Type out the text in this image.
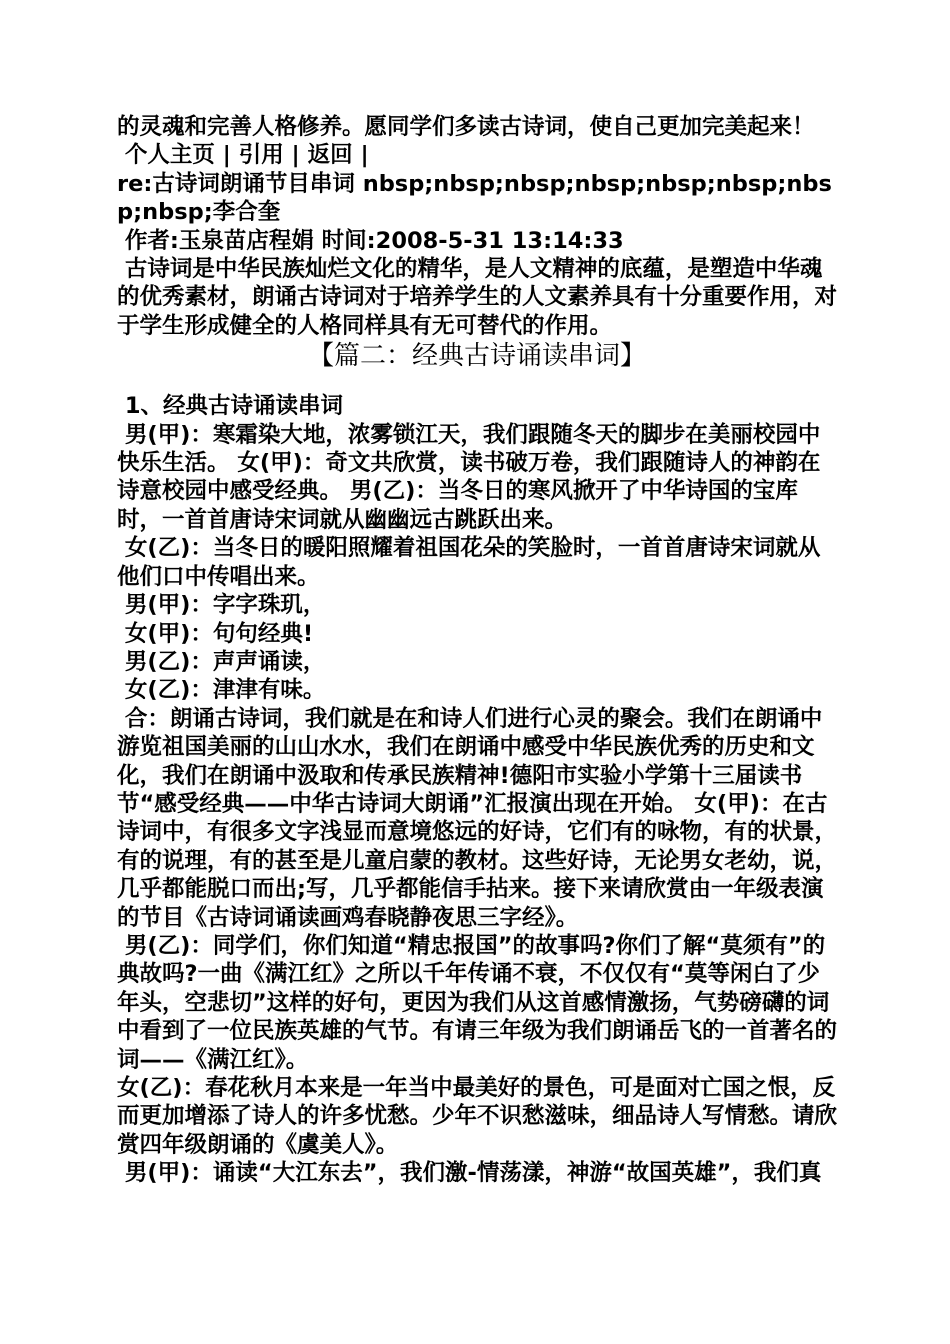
的灵魂和完善人格修养。愿同学们多读古诗词，使自己更加完美起来！

个人主页 | 引用 | 返回 |

re:古诗词朗诵节目串词 nbsp;nbsp;nbsp;nbsp;nbsp;nbsp;nbsp;nbsp;李合奎

作者:玉泉苗店程娟 时间:2008-5-31 13:14:33

古诗词是中华民族灿烂文化的精华，是人文精神的底蕴，是塑造中华魂的优秀素材，朗诵古诗词对于培养学生的人文素养具有十分重要作用，对于学生形成健全的人格同样具有无可替代的作用。

【篇二：经典古诗诵读串词】

1、经典古诗诵读串词

男(甲)：寒霜染大地，浓雾锁江天，我们跟随冬天的脚步在美丽校园中快乐生活。 女(甲)：奇文共欣赏，读书破万卷，我们跟随诗人的神韵在诗意校园中感受经典。 男(乙)：当冬日的寒风掀开了中华诗国的宝库时，一首首唐诗宋词就从幽幽远古跳跃出来。

女(乙)：当冬日的暖阳照耀着祖国花朵的笑脸时，一首首唐诗宋词就从他们口中传唱出来。

男(甲)：字字珠玑，

女(甲)：句句经典!

男(乙)：声声诵读，

女(乙)：津津有味。

合：朗诵古诗词，我们就是在和诗人们进行心灵的聚会。我们在朗诵中游览祖国美丽的山山水水，我们在朗诵中感受中华民族优秀的历史和文化，我们在朗诵中汲取和传承民族精神!德阳市实验小学第十三届读书节“感受经典——中华古诗词大朗诵”汇报演出现在开始。 女(甲)：在古诗词中，有很多文字浅显而意境悠远的好诗，它们有的咏物，有的状景，有的说理，有的甚至是儿童启蒙的教材。这些好诗，无论男女老幼，说，几乎都能脱口而出;写，几乎都能信手拈来。接下来请欣赏由一年级表演的节目《古诗词诵读画鸡春晓静夜思三字经》。

男(乙)：同学们，你们知道“精忠报国”的故事吗?你们了解“莫须有”的典故吗?一曲《满江红》之所以千年传诵不衰，不仅仅有“莫等闲白了少年头，空悲切”这样的好句，更因为我们从这首感情激扬，气势磅礴的词中看到了一位民族英雄的气节。有请三年级为我们朗诵岳飞的一首著名的词——《满江红》。

女(乙)：春花秋月本来是一年当中最美好的景色，可是面对亡国之恨，反而更加增添了诗人的许多忧愁。少年不识愁滋味，细品诗人写情愁。请欣赏四年级朗诵的《虞美人》。

男(甲)：诵读“大江东去”，我们激-情荡漾，神游“故国英雄”，我们真
